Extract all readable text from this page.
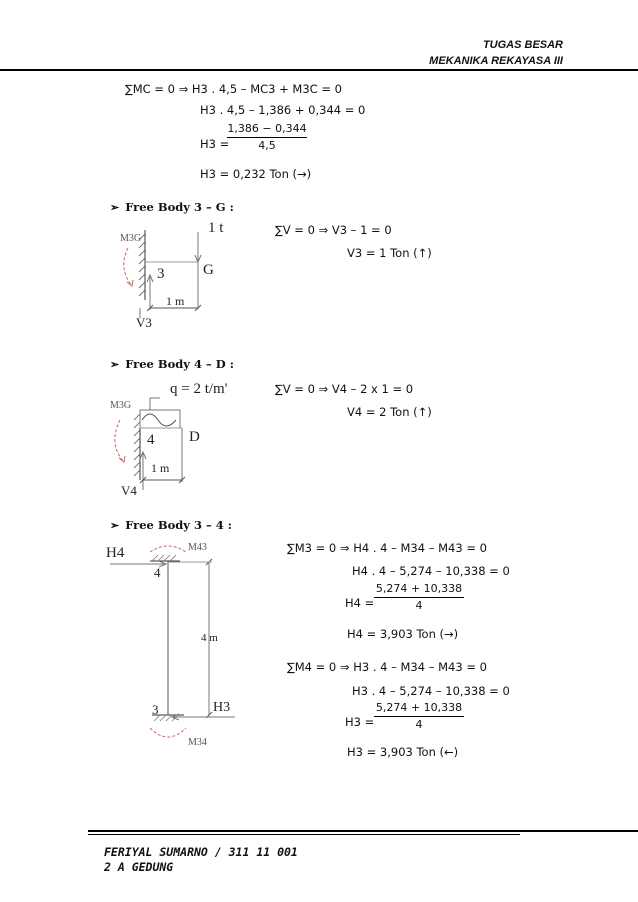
TUGAS BESAR
MEKANIKA REKAYASA III
∑MC = 0 ⇒ H3 . 4,5 – MC3 + M3C = 0
H3 . 4,5 – 1,386 + 0,344 = 0
H3 =
1,386 − 0,344
4,5
H3 = 0,232 Ton (→)
➢ Free Body 3 – G :
M3G
1 t
3	G
1 m
V3
∑V = 0 ⇒ V3 – 1 = 0
V3 = 1 Ton (↑)
➢ Free Body 4 – D :
M3G
q = 2 t/m'
4 D
1 m
V4
∑V = 0 ⇒ V4 – 2 x 1 = 0
V4 = 2 Ton (↑)
➢ Free Body 3 – 4 :
H4	M43
4
4 m
3	H3
M34
∑M3 = 0 ⇒ H4 . 4 – M34 – M43 = 0
H4 . 4 – 5,274 – 10,338 = 0
H4 =
5,274 + 10,338
4
H4 = 3,903 Ton (→)
∑M4 = 0 ⇒ H3 . 4 – M34 – M43 = 0
H3 . 4 – 5,274 – 10,338 = 0
H3 =
5,274 + 10,338
4
H3 = 3,903 Ton (←)
FERIYAL SUMARNO / 311 11 001
2 A GEDUNG
